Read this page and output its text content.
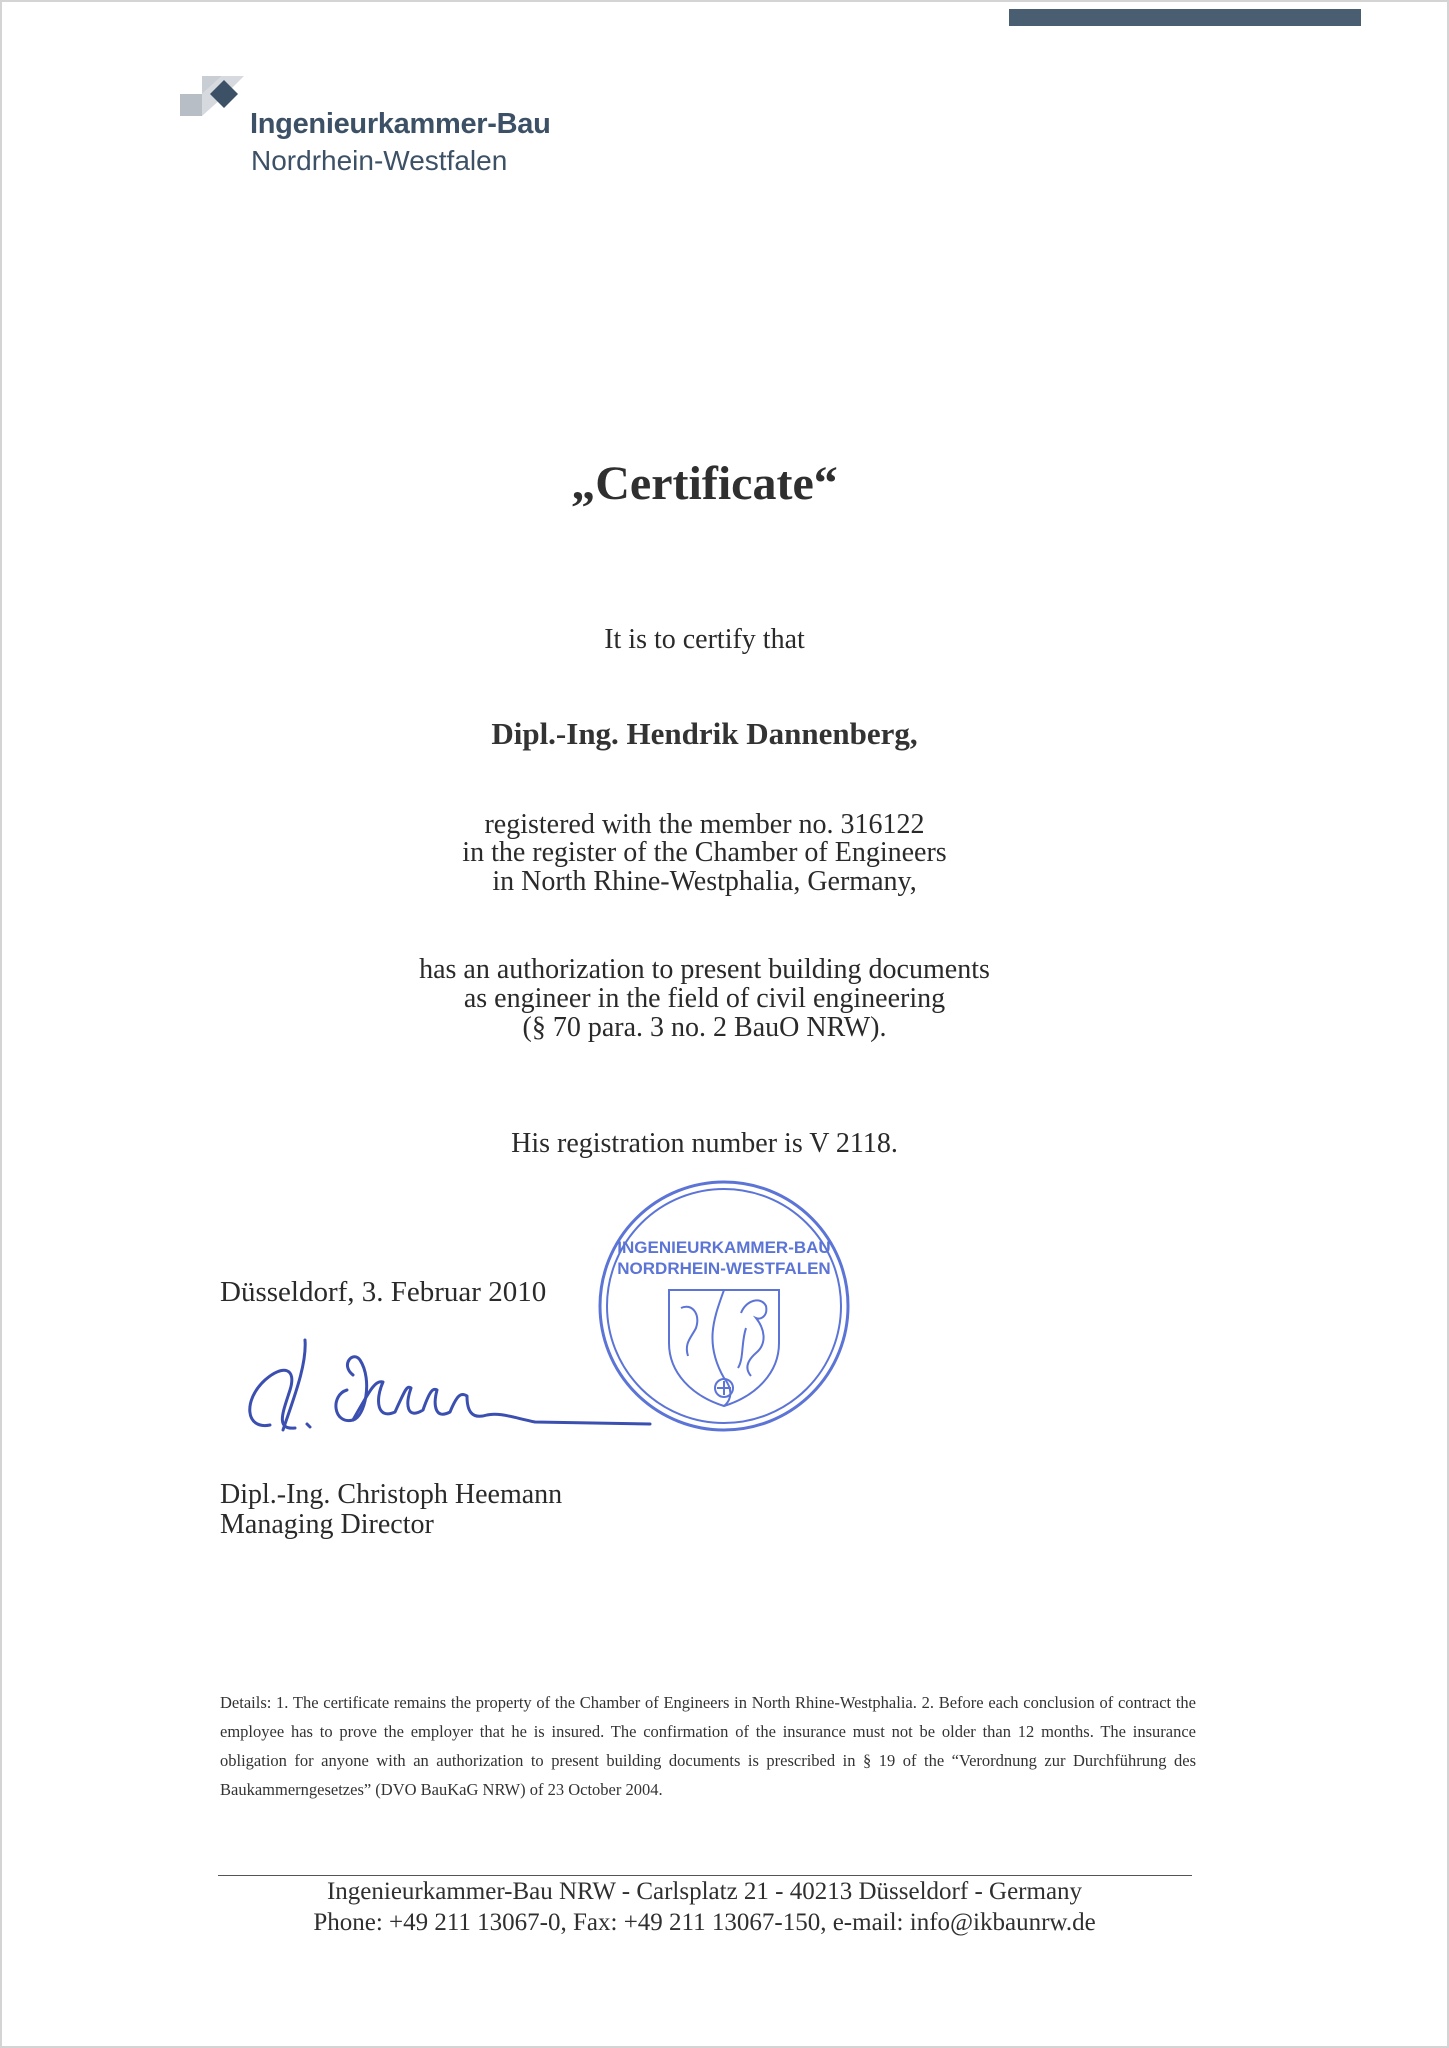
Ingenieurkammer-Bau
Nordrhein-Westfalen
„Certificate“
It is to certify that
Dipl.-Ing. Hendrik Dannenberg,
registered with the member no. 316122
in the register of the Chamber of Engineers
in North Rhine-Westphalia, Germany,
has an authorization to present building documents
as engineer in the field of civil engineering
(§ 70 para. 3 no. 2 BauO NRW).
His registration number is V 2118.
Düsseldorf, 3. Februar 2010
INGENIEURKAMMER-BAU
NORDRHEIN-WESTFALEN
Dipl.-Ing. Christoph Heemann
Managing Director
Details: 1. The certificate remains the property of the Chamber of Engineers in North Rhine-Westphalia. 2. Before each conclusion of contract the employee has to prove the employer that he is insured. The confirmation of the insurance must not be older than 12 months. The insurance obligation for anyone with an authorization to present building documents is prescribed in § 19 of the “Verordnung zur Durchführung des Baukammerngesetzes” (DVO BauKaG NRW) of 23 October 2004.
Ingenieurkammer-Bau NRW - Carlsplatz 21 - 40213 Düsseldorf - Germany
Phone: +49 211 13067-0, Fax: +49 211 13067-150, e-mail: info@ikbaunrw.de
